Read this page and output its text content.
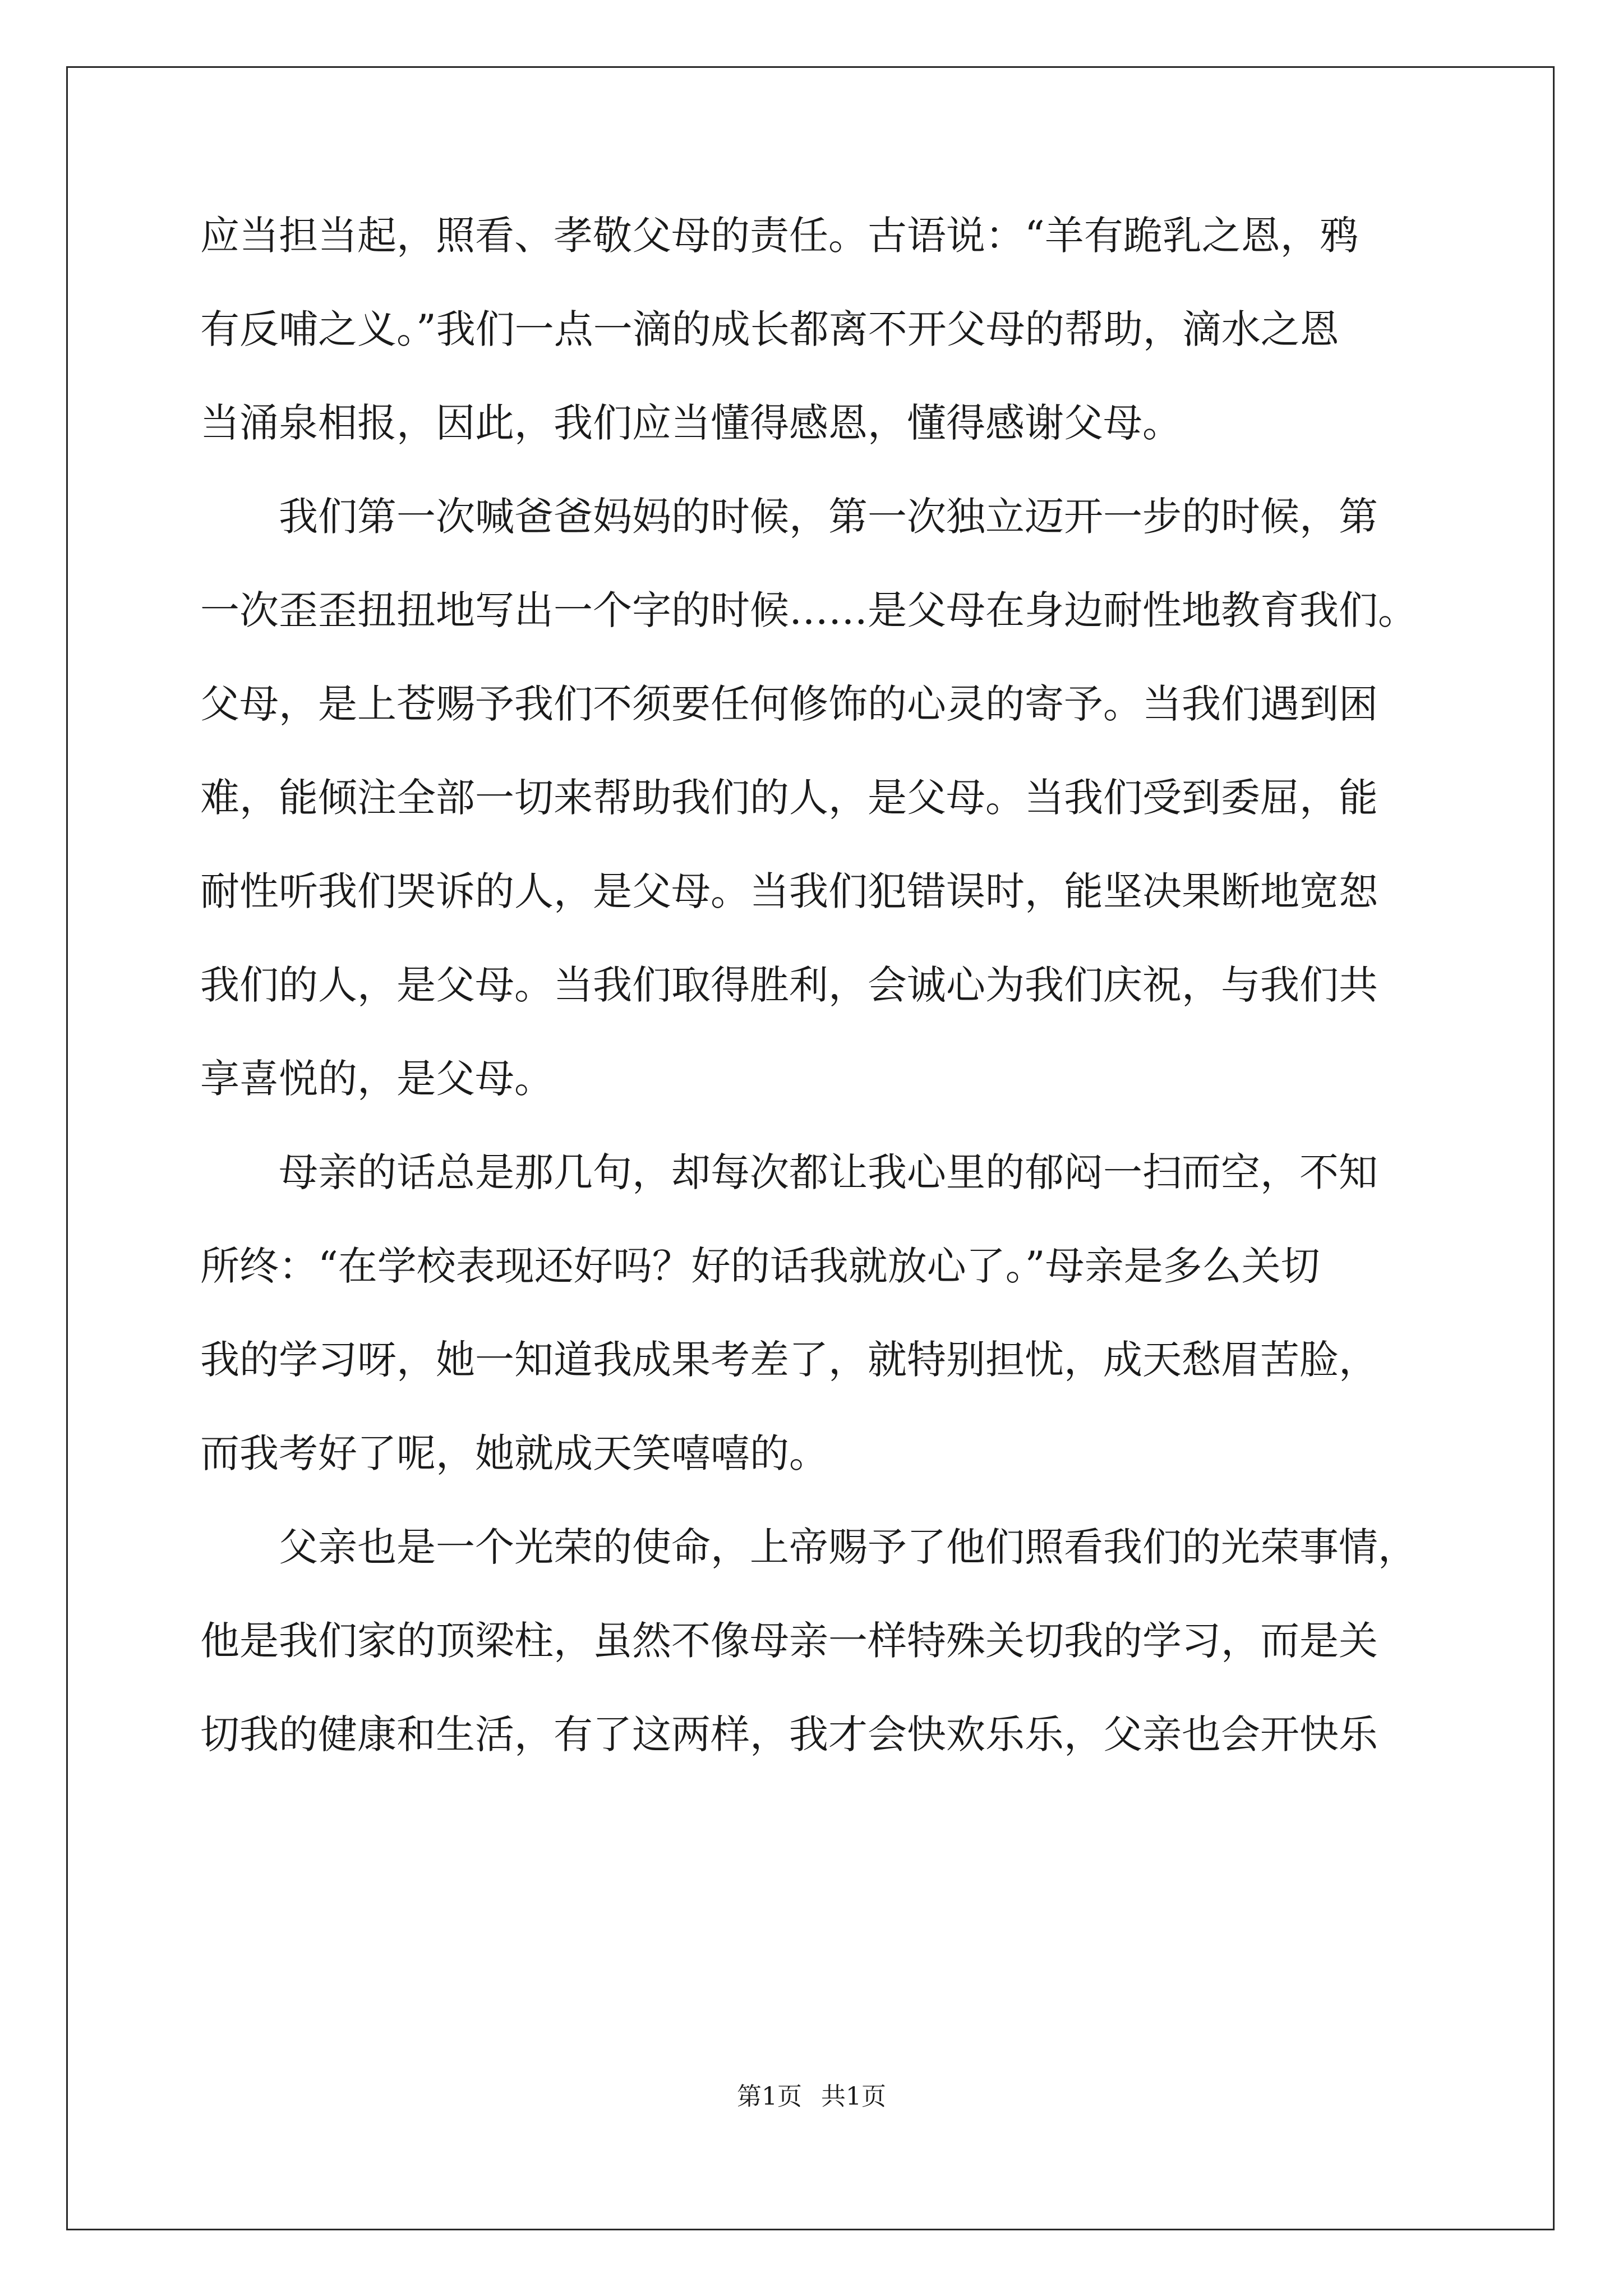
应当担当起，照看、孝敬父母的责任。古语说：“羊有跪乳之恩，鸦
有反哺之义。”我们一点一滴的成长都离不开父母的帮助，滴水之恩
当涌泉相报，因此，我们应当懂得感恩，懂得感谢父母。
　　我们第一次喊爸爸妈妈的时候，第一次独立迈开一步的时候，第
一次歪歪扭扭地写出一个字的时候……是父母在身边耐性地教育我们。
父母，是上苍赐予我们不须要任何修饰的心灵的寄予。当我们遇到困
难，能倾注全部一切来帮助我们的人，是父母。当我们受到委屈，能
耐性听我们哭诉的人，是父母。当我们犯错误时，能坚决果断地宽恕
我们的人，是父母。当我们取得胜利，会诚心为我们庆祝，与我们共
享喜悦的，是父母。
　　母亲的话总是那几句，却每次都让我心里的郁闷一扫而空，不知
所终：“在学校表现还好吗？好的话我就放心了。”母亲是多么关切
我的学习呀，她一知道我成果考差了，就特别担忧，成天愁眉苦脸，
而我考好了呢，她就成天笑嘻嘻的。
　　父亲也是一个光荣的使命，上帝赐予了他们照看我们的光荣事情，
他是我们家的顶梁柱，虽然不像母亲一样特殊关切我的学习，而是关
切我的健康和生活，有了这两样，我才会快欢乐乐，父亲也会开快乐
第1页 共1页
